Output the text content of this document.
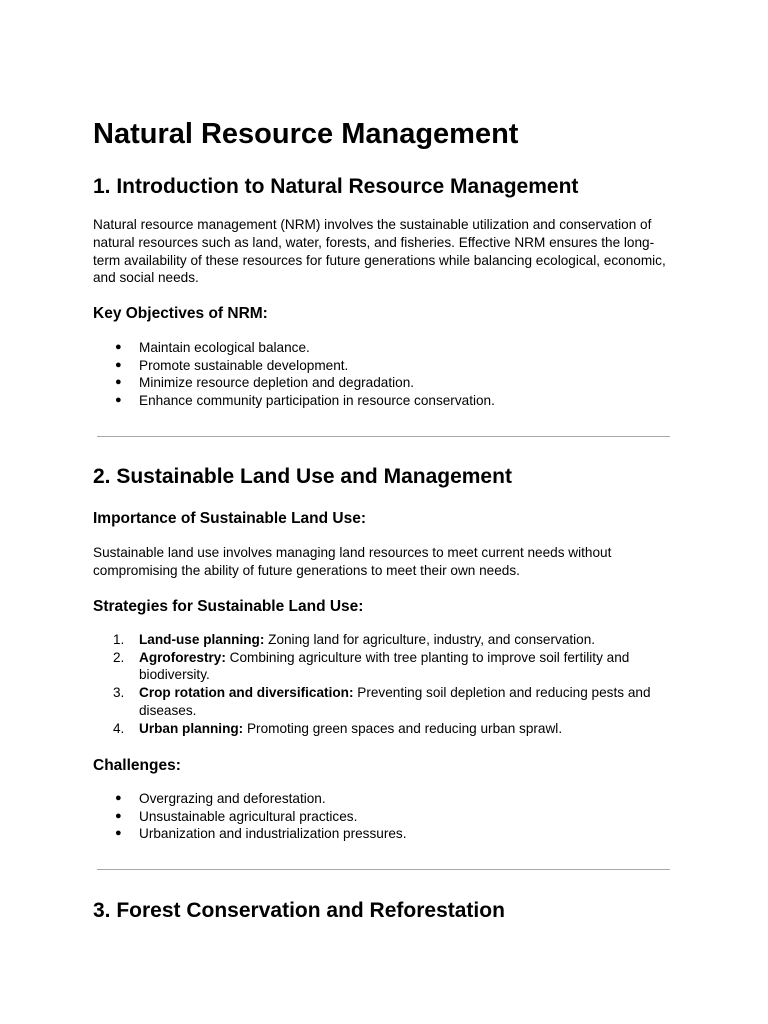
Natural Resource Management
1. Introduction to Natural Resource Management

Natural resource management (NRM) involves the sustainable utilization and conservation of natural resources such as land, water, forests, and fisheries. Effective NRM ensures the long-term availability of these resources for future generations while balancing ecological, economic, and social needs.

Key Objectives of NRM:
● Maintain ecological balance.
● Promote sustainable development.
● Minimize resource depletion and degradation.
● Enhance community participation in resource conservation.
2. Sustainable Land Use and Management
Importance of Sustainable Land Use:

Sustainable land use involves managing land resources to meet current needs without compromising the ability of future generations to meet their own needs.

Strategies for Sustainable Land Use:
1. Land-use planning: Zoning land for agriculture, industry, and conservation.
2. Agroforestry: Combining agriculture with tree planting to improve soil fertility and biodiversity.
3. Crop rotation and diversification: Preventing soil depletion and reducing pests and diseases.
4. Urban planning: Promoting green spaces and reducing urban sprawl.
Challenges:
● Overgrazing and deforestation.
● Unsustainable agricultural practices.
● Urbanization and industrialization pressures.
3. Forest Conservation and Reforestation
